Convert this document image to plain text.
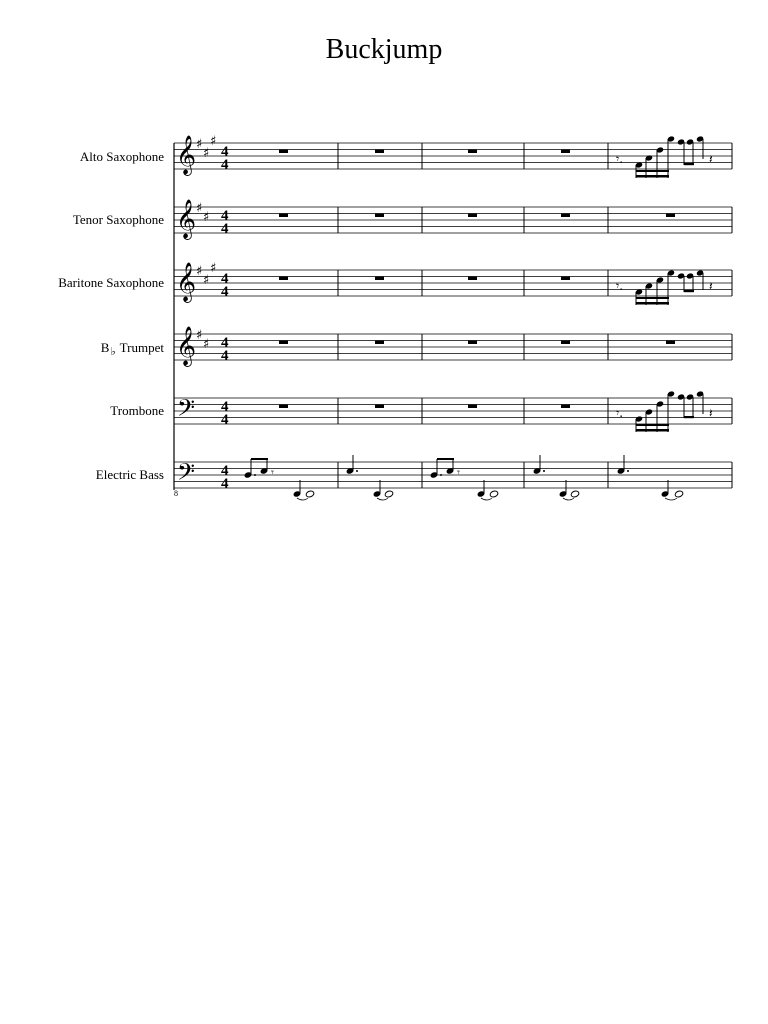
Buckjump
Alto Saxophone
Tenor Saxophone
Baritone Saxophone
$B_♭$ Trumpet
Trombone
Electric Bass
𝄞
𝄞
𝄞
𝄞
𝄢
𝄢
♯
♯
♯
♯
♯
♯
♯
♯
♯
♯
4
4
4
4
4
4
4
4
4
4
4
4
𝄾.	𝄽
𝄾.	𝄽
𝄾.	𝄽
𝄾	𝄾
8
